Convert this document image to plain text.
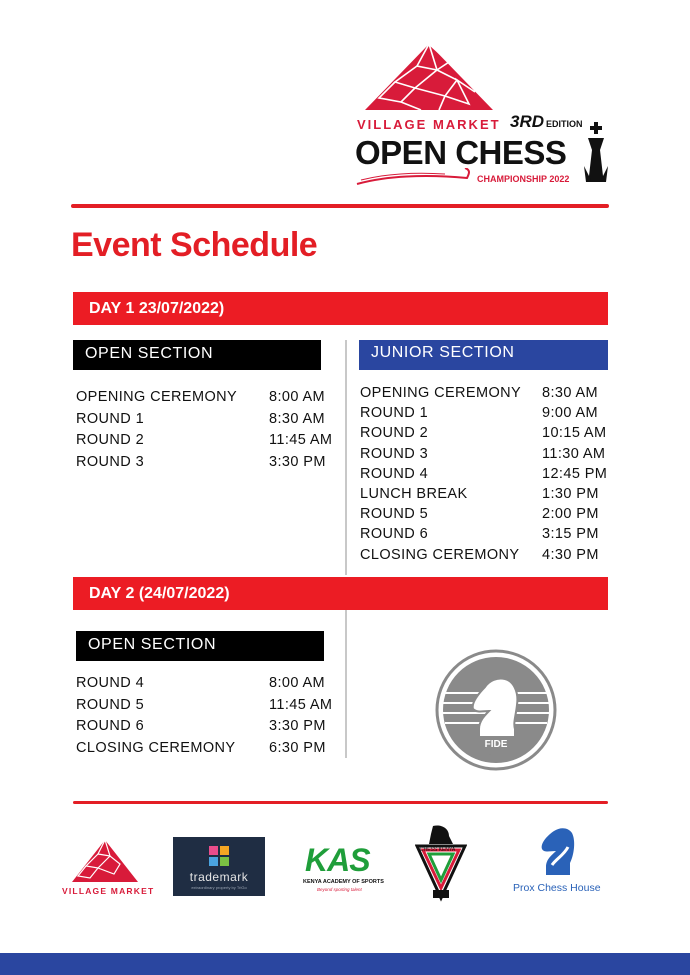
VILLAGE MARKET 3RD EDITION
OPEN CHESS
CHAMPIONSHIP 2022
Event Schedule
DAY 1 23/07/2022)
OPEN SECTION	JUNIOR SECTION
OPENING CEREMONY 8:00 AM
ROUND 1	8:30 AM
ROUND 2	11:45 AM
ROUND 3	3:30 PM
OPENING CEREMONY 8:30 AM
ROUND 1	9:00 AM
ROUND 2	10:15 AM
ROUND 3	11:30 AM
ROUND 4	12:45 PM
LUNCH BREAK	1:30 PM
ROUND 5	2:00 PM
ROUND 6	3:15 PM
CLOSING CEREMONY 4:30 PM
DAY 2 (24/07/2022)
OPEN SECTION
ROUND 4	8:00 AM
ROUND 5	11:45 AM
ROUND 6	3:30 PM
CLOSING CEREMONY 6:30 PM	FIDE
Rated
VILLAGE MARKET
trademark
extraordinary property by TriGo
KAS
KENYA ACADEMY OF SPORTS
Beyond sporting talent
CHESS KENYA
Prox Chess House
